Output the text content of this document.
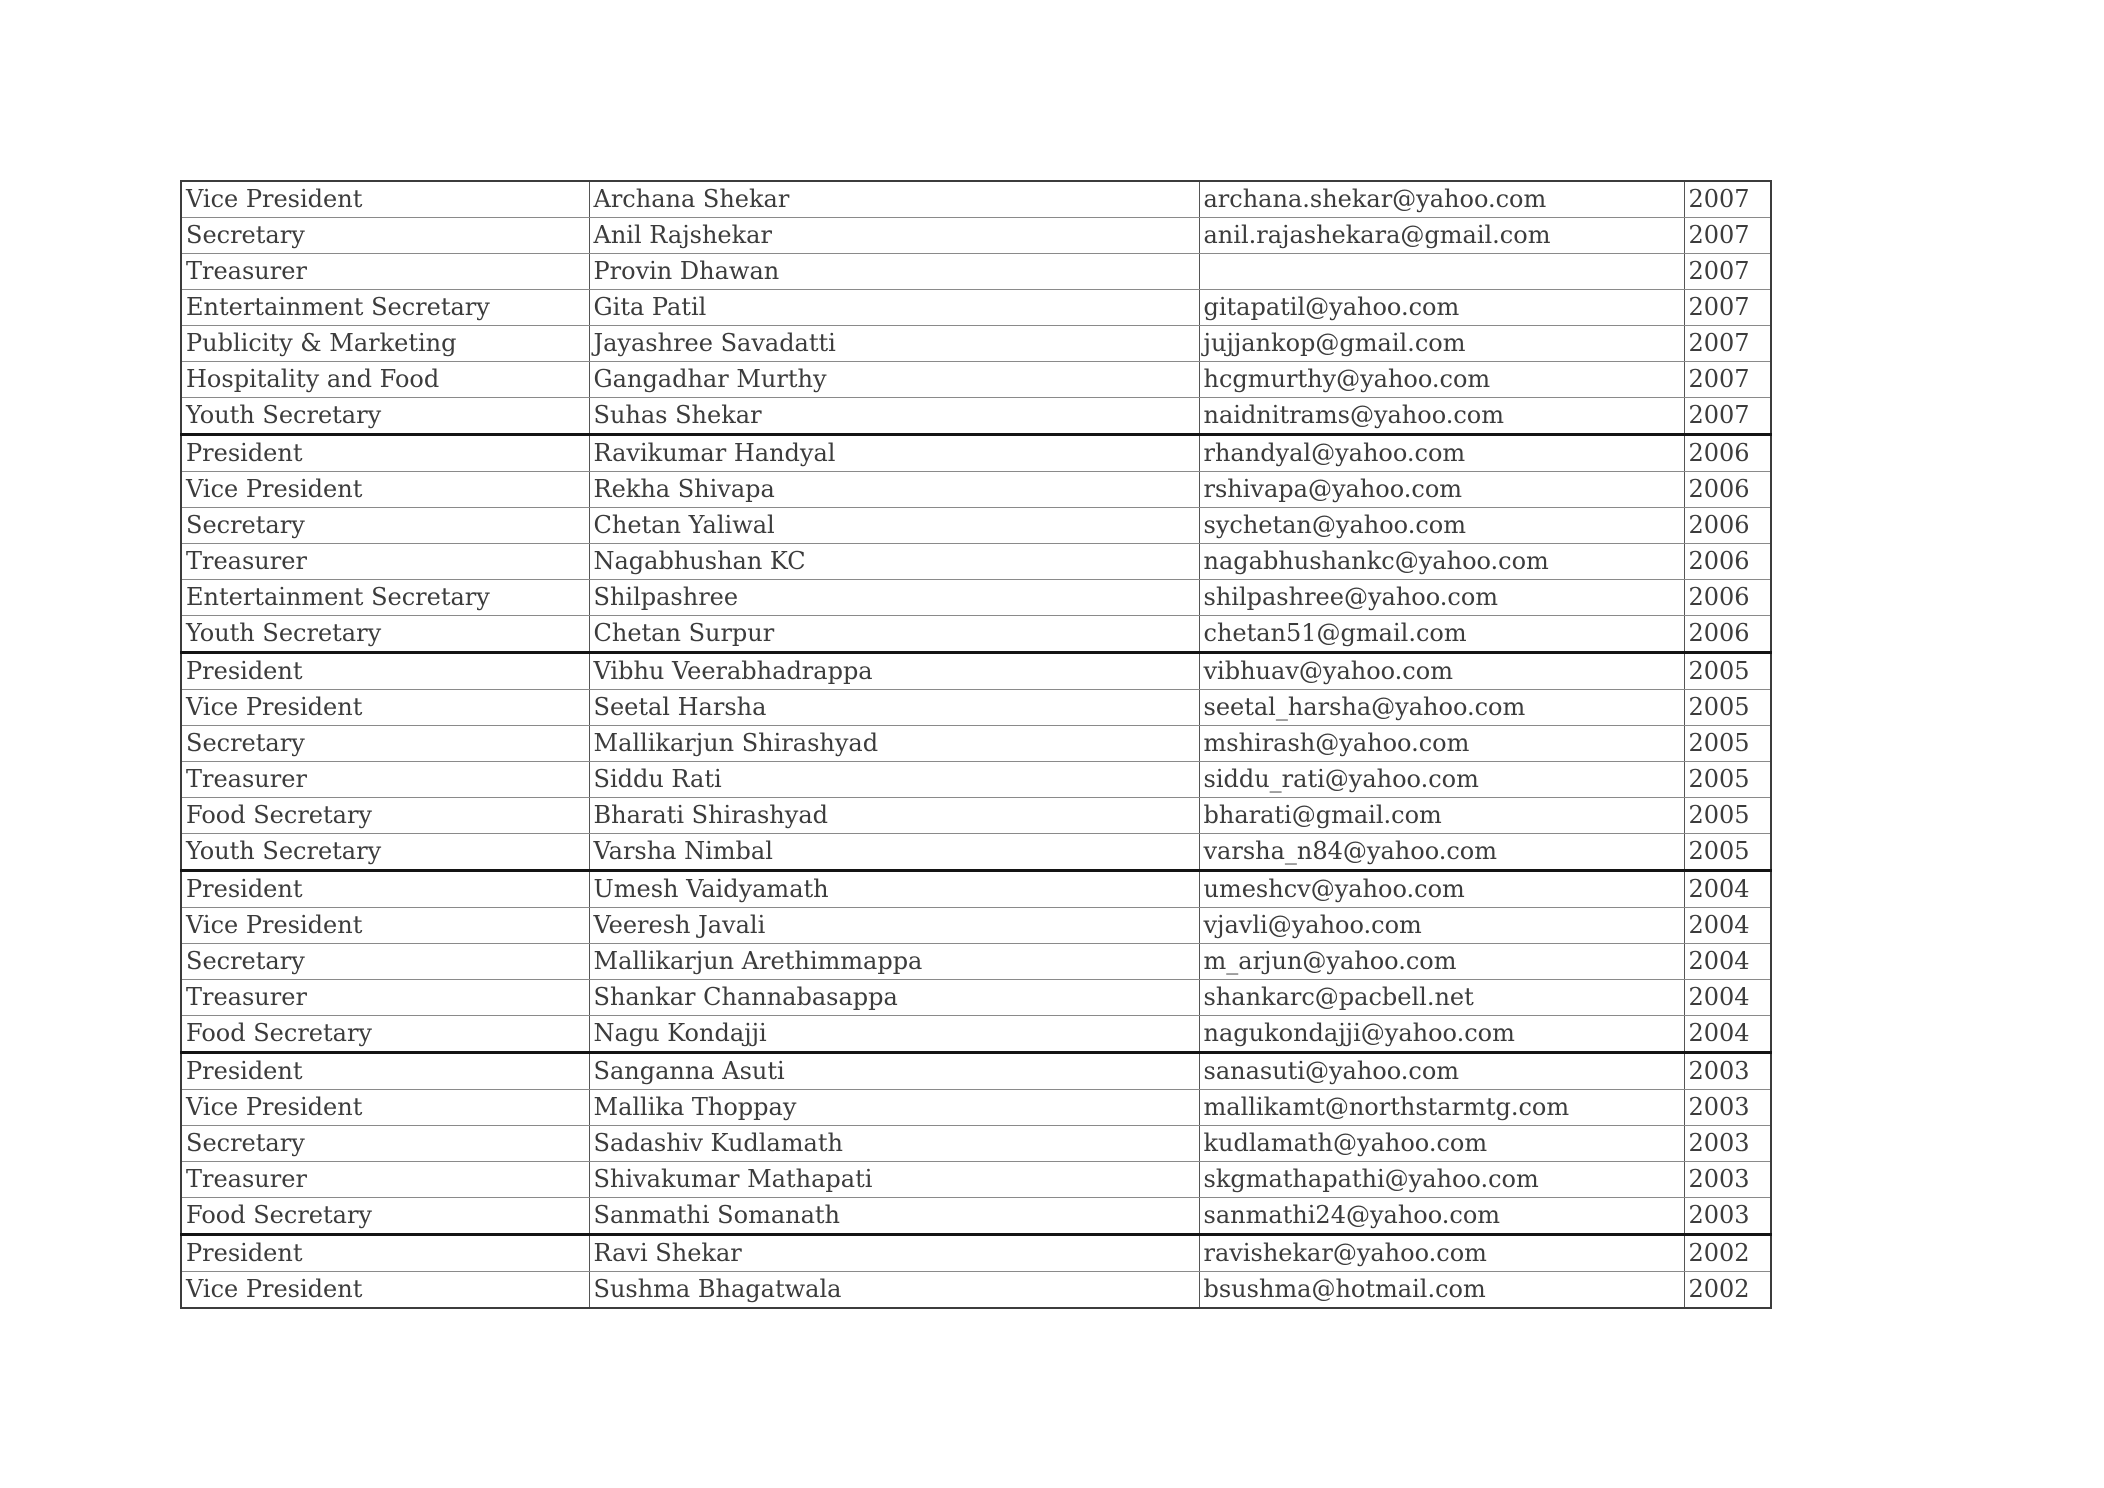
Vice President	Archana Shekar	archana.shekar@yahoo.com	2007
Secretary	Anil Rajshekar	anil.rajashekara@gmail.com	2007
Treasurer	Provin Dhawan		2007
Entertainment Secretary	Gita Patil	gitapatil@yahoo.com	2007
Publicity & Marketing	Jayashree Savadatti	jujjankop@gmail.com	2007
Hospitality and Food	Gangadhar Murthy	hcgmurthy@yahoo.com	2007
Youth Secretary	Suhas Shekar	naidnitrams@yahoo.com	2007
President	Ravikumar Handyal	rhandyal@yahoo.com	2006
Vice President	Rekha Shivapa	rshivapa@yahoo.com	2006
Secretary	Chetan Yaliwal	sychetan@yahoo.com	2006
Treasurer	Nagabhushan KC	nagabhushankc@yahoo.com	2006
Entertainment Secretary	Shilpashree	shilpashree@yahoo.com	2006
Youth Secretary	Chetan Surpur	chetan51@gmail.com	2006
President	Vibhu Veerabhadrappa	vibhuav@yahoo.com	2005
Vice President	Seetal Harsha	seetal_harsha@yahoo.com	2005
Secretary	Mallikarjun Shirashyad	mshirash@yahoo.com	2005
Treasurer	Siddu Rati	siddu_rati@yahoo.com	2005
Food Secretary	Bharati Shirashyad	bharati@gmail.com	2005
Youth Secretary	Varsha Nimbal	varsha_n84@yahoo.com	2005
President	Umesh Vaidyamath	umeshcv@yahoo.com	2004
Vice President	Veeresh Javali	vjavli@yahoo.com	2004
Secretary	Mallikarjun Arethimmappa	m_arjun@yahoo.com	2004
Treasurer	Shankar Channabasappa	shankarc@pacbell.net	2004
Food Secretary	Nagu Kondajji	nagukondajji@yahoo.com	2004
President	Sanganna Asuti	sanasuti@yahoo.com	2003
Vice President	Mallika Thoppay	mallikamt@northstarmtg.com	2003
Secretary	Sadashiv Kudlamath	kudlamath@yahoo.com	2003
Treasurer	Shivakumar Mathapati	skgmathapathi@yahoo.com	2003
Food Secretary	Sanmathi Somanath	sanmathi24@yahoo.com	2003
President	Ravi Shekar	ravishekar@yahoo.com	2002
Vice President	Sushma Bhagatwala	bsushma@hotmail.com	2002
